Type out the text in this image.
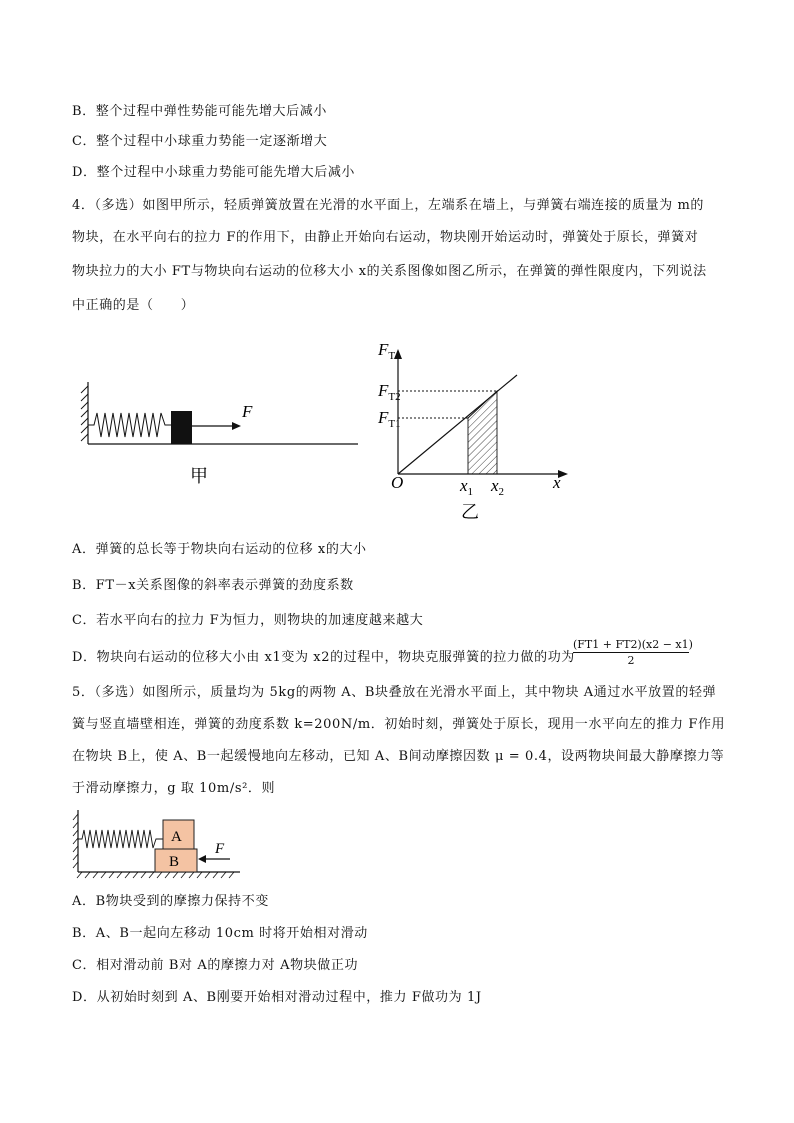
B．整个过程中弹性势能可能先增大后减小
C．整个过程中小球重力势能一定逐渐增大
D．整个过程中小球重力势能可能先增大后减小
4．（多选）如图甲所示，轻质弹簧放置在光滑的水平面上，左端系在墙上，与弹簧右端连接的质量为 m的
物块，在水平向右的拉力 F的作用下，由静止开始向右运动，物块刚开始运动时，弹簧处于原长，弹簧对
物块拉力的大小 FT与物块向右运动的位移大小 x的关系图像如图乙所示，在弹簧的弹性限度内，下列说法
中正确的是（　　）
F
甲
$F_T$
$F_{T2}$
$F_{T1}$
O	$x_1$ $x_2$	x
乙
A．弹簧的总长等于物块向右运动的位移 x的大小
B．FT－x关系图像的斜率表示弹簧的劲度系数
C．若水平向右的拉力 F为恒力，则物块的加速度越来越大
D．物块向右运动的位移大小由 x1变为 x2的过程中，物块克服弹簧的拉力做的功为
$\frac{(FT1 + FT2)(x2 - x1)}{2}$
5．（多选）如图所示，质量均为 5kg的两物 A、B块叠放在光滑水平面上，其中物块 A通过水平放置的轻弹
簧与竖直墙壁相连，弹簧的劲度系数 k=200N/m．初始时刻，弹簧处于原长，现用一水平向左的推力 F作用
在物块 B上，使 A、B一起缓慢地向左移动，已知 A、B间动摩擦因数 μ = 0.4，设两物块间最大静摩擦力等
于滑动摩擦力，g 取 10m/s²．则
A
B
F
A．B物块受到的摩擦力保持不变
B．A、B一起向左移动 10cm 时将开始相对滑动
C．相对滑动前 B对 A的摩擦力对 A物块做正功
D．从初始时刻到 A、B刚要开始相对滑动过程中，推力 F做功为 1J
